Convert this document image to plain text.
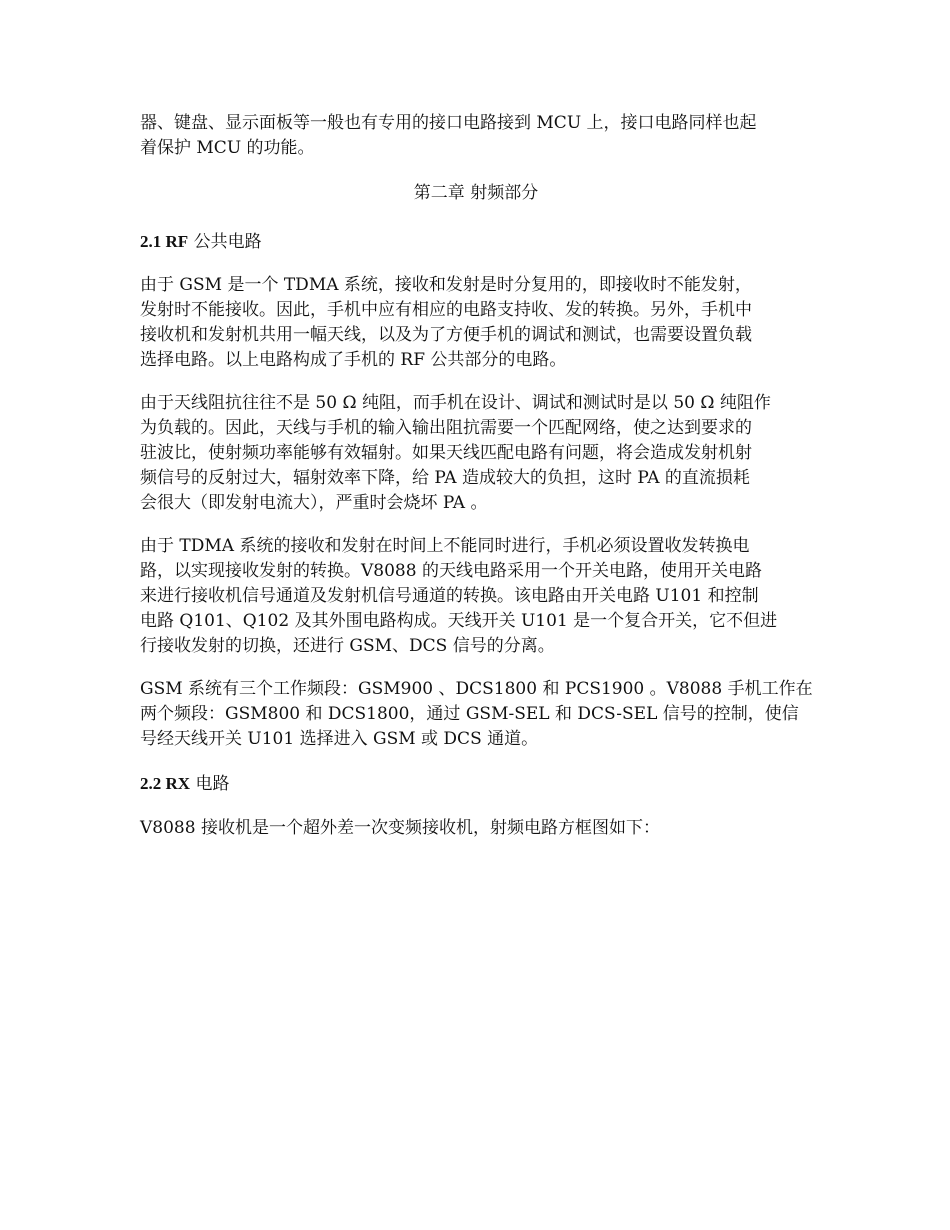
器、键盘、显示面板等一般也有专用的接口电路接到 MCU 上，接口电路同样也起
着保护 MCU 的功能。

第二章 射频部分

2.1 RF 公共电路

由于 GSM 是一个 TDMA 系统，接收和发射是时分复用的，即接收时不能发射，
发射时不能接收。因此，手机中应有相应的电路支持收、发的转换。另外，手机中
接收机和发射机共用一幅天线，以及为了方便手机的调试和测试，也需要设置负载
选择电路。以上电路构成了手机的 RF 公共部分的电路。

由于天线阻抗往往不是 50 Ω 纯阻，而手机在设计、调试和测试时是以 50 Ω 纯阻作
为负载的。因此，天线与手机的输入输出阻抗需要一个匹配网络，使之达到要求的
驻波比，使射频功率能够有效辐射。如果天线匹配电路有问题，将会造成发射机射
频信号的反射过大，辐射效率下降，给 PA 造成较大的负担，这时 PA 的直流损耗
会很大（即发射电流大），严重时会烧坏 PA 。

由于 TDMA 系统的接收和发射在时间上不能同时进行，手机必须设置收发转换电
路，以实现接收发射的转换。V8088 的天线电路采用一个开关电路，使用开关电路
来进行接收机信号通道及发射机信号通道的转换。该电路由开关电路 U101 和控制
电路 Q101、Q102 及其外围电路构成。天线开关 U101 是一个复合开关，它不但进
行接收发射的切换，还进行 GSM、DCS 信号的分离。

GSM 系统有三个工作频段：GSM900 、DCS1800 和 PCS1900 。V8088 手机工作在
两个频段：GSM800 和 DCS1800，通过 GSM-SEL 和 DCS-SEL 信号的控制，使信
号经天线开关 U101 选择进入 GSM 或 DCS 通道。

2.2 RX 电路

V8088 接收机是一个超外差一次变频接收机，射频电路方框图如下：
